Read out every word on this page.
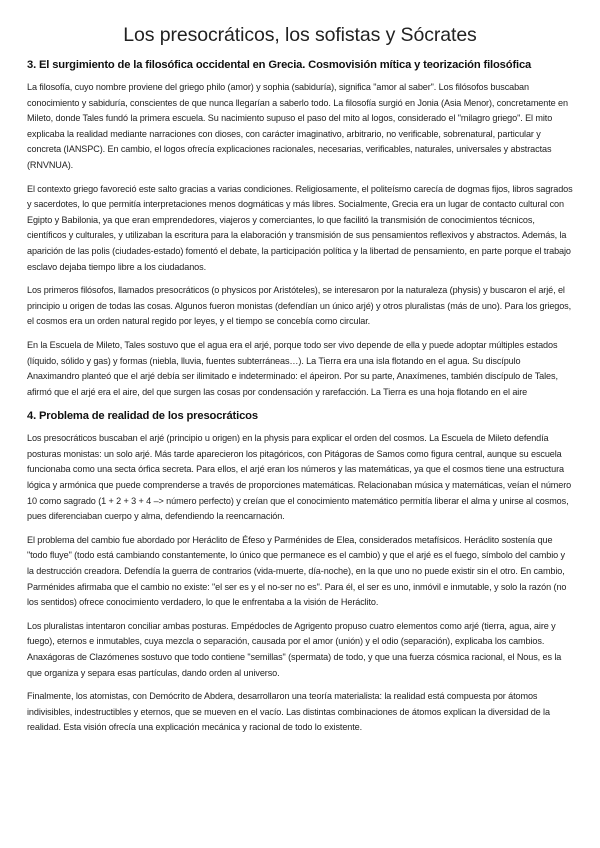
Los presocráticos, los sofistas y Sócrates
3. El surgimiento de la filosófica occidental en Grecia. Cosmovisión mítica y teorización filosófica

La filosofía, cuyo nombre proviene del griego philo (amor) y sophia (sabiduría), significa "amor al saber". Los filósofos buscaban conocimiento y sabiduría, conscientes de que nunca llegarían a saberlo todo. La filosofía surgió en Jonia (Asia Menor), concretamente en Mileto, donde Tales fundó la primera escuela. Su nacimiento supuso el paso del mito al logos, considerado el "milagro griego". El mito explicaba la realidad mediante narraciones con dioses, con carácter imaginativo, arbitrario, no verificable, sobrenatural, particular y concreta (IANSPC). En cambio, el logos ofrecía explicaciones racionales, necesarias, verificables, naturales, universales y abstractas (RNVNUA).

El contexto griego favoreció este salto gracias a varias condiciones. Religiosamente, el politeísmo carecía de dogmas fijos, libros sagrados y sacerdotes, lo que permitía interpretaciones menos dogmáticas y más libres. Socialmente, Grecia era un lugar de contacto cultural con Egipto y Babilonia, ya que eran emprendedores, viajeros y comerciantes, lo que facilitó la transmisión de conocimientos técnicos, científicos y culturales, y utilizaban la escritura para la elaboración y transmisión de sus pensamientos reflexivos y abstractos. Además, la aparición de las polis (ciudades-estado) fomentó el debate, la participación política y la libertad de pensamiento, en parte porque el trabajo esclavo dejaba tiempo libre a los ciudadanos.

Los primeros filósofos, llamados presocráticos (o physicos por Aristóteles), se interesaron por la naturaleza (physis) y buscaron el arjé, el principio u origen de todas las cosas. Algunos fueron monistas (defendían un único arjé) y otros pluralistas (más de uno). Para los griegos, el cosmos era un orden natural regido por leyes, y el tiempo se concebía como circular.

En la Escuela de Mileto, Tales sostuvo que el agua era el arjé, porque todo ser vivo depende de ella y puede adoptar múltiples estados (líquido, sólido y gas) y formas (niebla, lluvia, fuentes subterráneas…). La Tierra era una isla flotando en el agua. Su discípulo Anaximandro planteó que el arjé debía ser ilimitado e indeterminado: el ápeiron. Por su parte, Anaxímenes, también discípulo de Tales, afirmó que el arjé era el aire, del que surgen las cosas por condensación y rarefacción. La Tierra es una hoja flotando en el aire

4. Problema de realidad de los presocráticos

Los presocráticos buscaban el arjé (principio u origen) en la physis para explicar el orden del cosmos. La Escuela de Mileto defendía posturas monistas: un solo arjé. Más tarde aparecieron los pitagóricos, con Pitágoras de Samos como figura central, aunque su escuela funcionaba como una secta órfica secreta. Para ellos, el arjé eran los números y las matemáticas, ya que el cosmos tiene una estructura lógica y armónica que puede comprenderse a través de proporciones matemáticas. Relacionaban música y matemáticas, veían el número 10 como sagrado (1 + 2 + 3 + 4 –> número perfecto) y creían que el conocimiento matemático permitía liberar el alma y unirse al cosmos, pues diferenciaban cuerpo y alma, defendiendo la reencarnación.

El problema del cambio fue abordado por Heráclito de Éfeso y Parménides de Elea, considerados metafísicos. Heráclito sostenía que "todo fluye" (todo está cambiando constantemente, lo único que permanece es el cambio) y que el arjé es el fuego, símbolo del cambio y la destrucción creadora. Defendía la guerra de contrarios (vida-muerte, día-noche), en la que uno no puede existir sin el otro. En cambio, Parménides afirmaba que el cambio no existe: "el ser es y el no-ser no es". Para él, el ser es uno, inmóvil e inmutable, y solo la razón (no los sentidos) ofrece conocimiento verdadero, lo que le enfrentaba a la visión de Heráclito.

Los pluralistas intentaron conciliar ambas posturas. Empédocles de Agrigento propuso cuatro elementos como arjé (tierra, agua, aire y fuego), eternos e inmutables, cuya mezcla o separación, causada por el amor (unión) y el odio (separación), explicaba los cambios. Anaxágoras de Clazómenes sostuvo que todo contiene "semillas" (spermata) de todo, y que una fuerza cósmica racional, el Nous, es la que organiza y separa esas partículas, dando orden al universo.

Finalmente, los atomistas, con Demócrito de Abdera, desarrollaron una teoría materialista: la realidad está compuesta por átomos indivisibles, indestructibles y eternos, que se mueven en el vacío. Las distintas combinaciones de átomos explican la diversidad de la realidad. Esta visión ofrecía una explicación mecánica y racional de todo lo existente.
